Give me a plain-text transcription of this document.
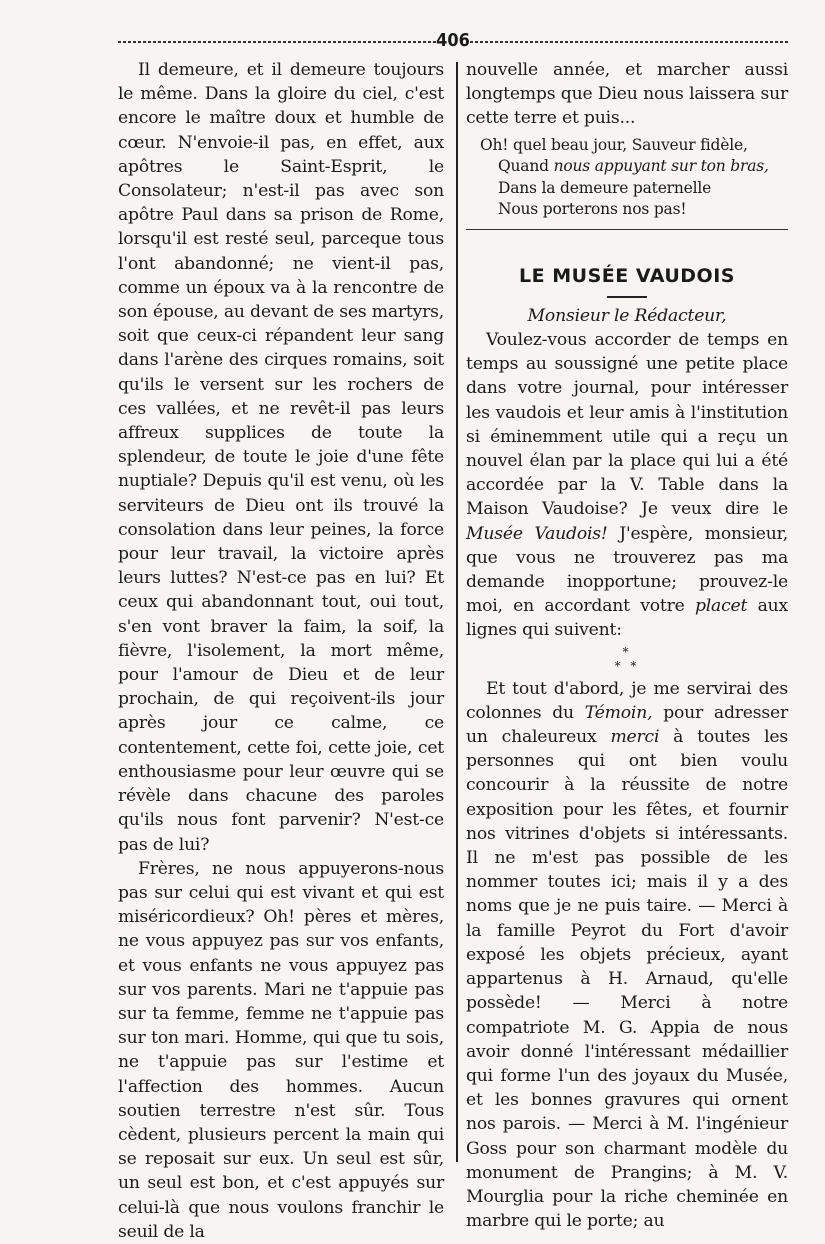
406

Il demeure, et il demeure toujours le même. Dans la gloire du ciel, c'est encore le maître doux et humble de cœur. N'envoie-il pas, en effet, aux apôtres le Saint-Esprit, le Consolateur; n'est-il pas avec son apôtre Paul dans sa prison de Rome, lorsqu'il est resté seul, parceque tous l'ont abandonné; ne vient-il pas, comme un époux va à la rencontre de son épouse, au devant de ses martyrs, soit que ceux-ci répandent leur sang dans l'arène des cirques romains, soit qu'ils le versent sur les rochers de ces vallées, et ne revêt-il pas leurs affreux supplices de toute la splendeur, de toute le joie d'une fête nuptiale? Depuis qu'il est venu, où les serviteurs de Dieu ont ils trouvé la consolation dans leur peines, la force pour leur travail, la victoire après leurs luttes? N'est-ce pas en lui? Et ceux qui abandonnant tout, oui tout, s'en vont braver la faim, la soif, la fièvre, l'isolement, la mort même, pour l'amour de Dieu et de leur prochain, de qui reçoivent-ils jour après jour ce calme, ce contentement, cette foi, cette joie, cet enthousiasme pour leur œuvre qui se révèle dans chacune des paroles qu'ils nous font parvenir? N'est-ce pas de lui?

Frères, ne nous appuyerons-nous pas sur celui qui est vivant et qui est miséricordieux? Oh! pères et mères, ne vous appuyez pas sur vos enfants, et vous enfants ne vous appuyez pas sur vos parents. Mari ne t'appuie pas sur ta femme, femme ne t'appuie pas sur ton mari. Homme, qui que tu sois, ne t'appuie pas sur l'estime et l'affection des hommes. Aucun soutien terrestre n'est sûr. Tous cèdent, plusieurs percent la main qui se reposait sur eux. Un seul est sûr, un seul est bon, et c'est appuyés sur celui-là que nous voulons franchir le seuil de la

nouvelle année, et marcher aussi longtemps que Dieu nous laissera sur cette terre et puis...

Oh! quel beau jour, Sauveur fidèle,
Quand nous appuyant sur ton bras,
Dans la demeure paternelle
Nous porterons nos pas!
LE MUSÉE VAUDOIS
Monsieur le Rédacteur,

Voulez-vous accorder de temps en temps au soussigné une petite place dans votre journal, pour intéresser les vaudois et leur amis à l'institution si éminemment utile qui a reçu un nouvel élan par la place qui lui a été accordée par la V. Table dans la Maison Vaudoise? Je veux dire le Musée Vaudois! J'espère, monsieur, que vous ne trouverez pas ma demande inopportune; prouvez-le moi, en accordant votre placet aux lignes qui suivent:

*
* *

Et tout d'abord, je me servirai des colonnes du Témoin, pour adresser un chaleureux merci à toutes les personnes qui ont bien voulu concourir à la réussite de notre exposition pour les fêtes, et fournir nos vitrines d'objets si intéressants. Il ne m'est pas possible de les nommer toutes ici; mais il y a des noms que je ne puis taire. — Merci à la famille Peyrot du Fort d'avoir exposé les objets précieux, ayant appartenus à H. Arnaud, qu'elle possède! — Merci à notre compatriote M. G. Appia de nous avoir donné l'intéressant médaillier qui forme l'un des joyaux du Musée, et les bonnes gravures qui ornent nos parois. — Merci à M. l'ingénieur Goss pour son charmant modèle du monument de Prangins; à M. V. Mourglia pour la riche cheminée en marbre qui le porte; au
